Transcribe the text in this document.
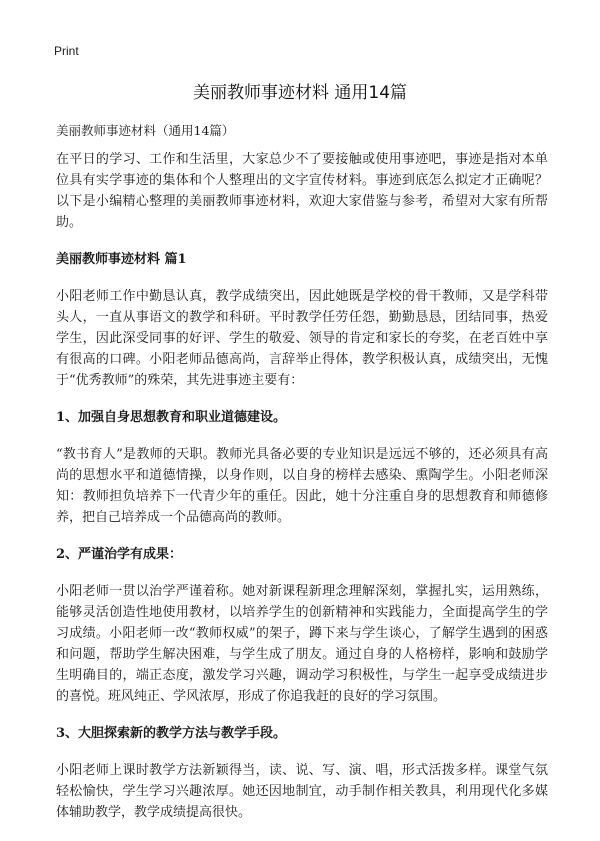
Print
美丽教师事迹材料 通用14篇
美丽教师事迹材料（通用14篇）

在平日的学习、工作和生活里，大家总少不了要接触或使用事迹吧，事迹是指对本单位具有实学事迹的集体和个人整理出的文字宣传材料。事迹到底怎么拟定才正确呢？以下是小编精心整理的美丽教师事迹材料，欢迎大家借鉴与参考，希望对大家有所帮助。

美丽教师事迹材料 篇1

小阳老师工作中勤恳认真，教学成绩突出，因此她既是学校的骨干教师，又是学科带头人，一直从事语文的教学和科研。平时教学任劳任怨，勤勤恳恳，团结同事，热爱学生，因此深受同事的好评、学生的敬爱、领导的肯定和家长的夸奖，在老百姓中享有很高的口碑。小阳老师品德高尚，言辞举止得体，教学积极认真，成绩突出，无愧于“优秀教师”的殊荣，其先进事迹主要有：

1、加强自身思想教育和职业道德建设。

“教书育人”是教师的天职。教师光具备必要的专业知识是远远不够的，还必须具有高尚的思想水平和道德情操，以身作则，以自身的榜样去感染、熏陶学生。小阳老师深知：教师担负培养下一代青少年的重任。因此，她十分注重自身的思想教育和师德修养，把自己培养成一个品德高尚的教师。

2、严谨治学有成果：

小阳老师一贯以治学严谨着称。她对新课程新理念理解深刻，掌握扎实，运用熟练，能够灵活创造性地使用教材，以培养学生的创新精神和实践能力，全面提高学生的学习成绩。小阳老师一改“教师权威”的架子，蹲下来与学生谈心，了解学生遇到的困惑和问题，帮助学生解决困难，与学生成了朋友。通过自身的人格榜样，影响和鼓励学生明确目的，端正态度，激发学习兴趣，调动学习积极性，与学生一起享受成绩进步的喜悦。班风纯正、学风浓厚，形成了你追我赶的良好的学习氛围。

3、大胆探索新的教学方法与教学手段。

小阳老师上课时教学方法新颖得当，读、说、写、演、唱，形式活拨多样。课堂气氛轻松愉快，学生学习兴趣浓厚。她还因地制宜，动手制作相关教具，利用现代化多媒体辅助教学，教学成绩提高很快。
